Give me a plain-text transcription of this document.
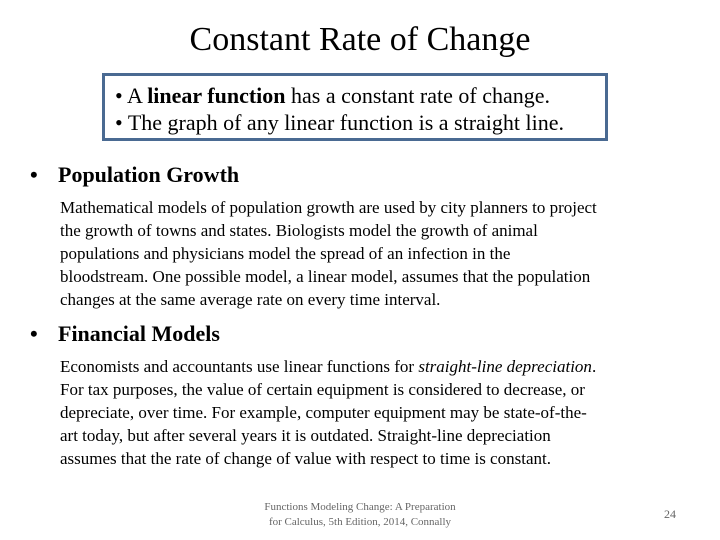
Constant Rate of Change
• A linear function has a constant rate of change.
• The graph of any linear function is a straight line.
• Population Growth
Mathematical models of population growth are used by city planners to project
the growth of towns and states. Biologists model the growth of animal
populations and physicians model the spread of an infection in the
bloodstream. One possible model, a linear model, assumes that the population
changes at the same average rate on every time interval.
• Financial Models
Economists and accountants use linear functions for straight-line depreciation.
For tax purposes, the value of certain equipment is considered to decrease, or
depreciate, over time. For example, computer equipment may be state-of-the-
art today, but after several years it is outdated. Straight-line depreciation
assumes that the rate of change of value with respect to time is constant.
Functions Modeling Change: A Preparation
for Calculus, 5th Edition, 2014, Connally
24
